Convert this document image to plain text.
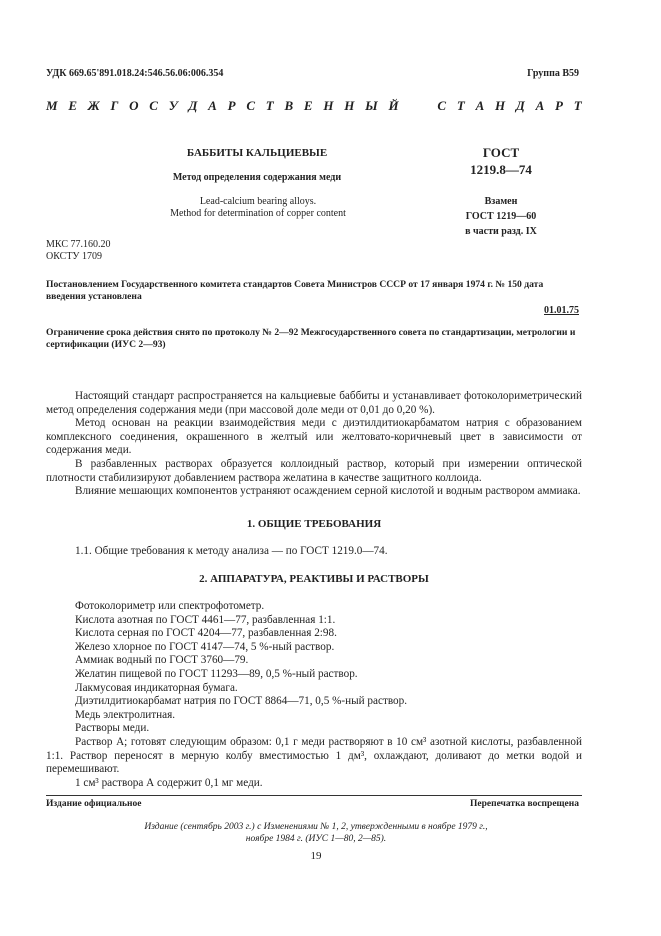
УДК 669.65'891.018.24:546.56.06:006.354	Группа В59
М Е Ж Г О С У Д А Р С Т В Е Н Н Ы Й

	С Т А Н Д А Р Т
БАББИТЫ КАЛЬЦИЕВЫЕ
Метод определения содержания меди
Lead-calcium bearing alloys.
Method for determination of copper content
ГОСТ
1219.8—74
Взамен
ГОСТ 1219—60
в части разд. IX
МКС 77.160.20
ОКСТУ 1709
Постановлением Государственного комитета стандартов Совета Министров СССР от 17 января 1974 г. № 150 дата введения установлена
01.01.75
Ограничение срока действия снято по протоколу № 2—92 Межгосударственного совета по стандартизации, метрологии и сертификации (ИУС 2—93)

Настоящий стандарт распространяется на кальциевые баббиты и устанавливает фотоколориметрический метод определения содержания меди (при массовой доле меди от 0,01 до 0,20 %).

Метод основан на реакции взаимодействия меди с диэтилдитиокарбаматом натрия с образованием комплексного соединения, окрашенного в желтый или желтовато-коричневый цвет в зависимости от содержания меди.

В разбавленных растворах образуется коллоидный раствор, который при измерении оптической плотности стабилизируют добавлением раствора желатина в качестве защитного коллоида.

Влияние мешающих компонентов устраняют осаждением серной кислотой и водным раствором аммиака.

1. ОБЩИЕ ТРЕБОВАНИЯ

1.1. Общие требования к методу анализа — по ГОСТ 1219.0—74.

2. АППАРАТУРА, РЕАКТИВЫ И РАСТВОРЫ
Фотоколориметр или спектрофотометр.
Кислота азотная по ГОСТ 4461—77, разбавленная 1:1.
Кислота серная по ГОСТ 4204—77, разбавленная 2:98.
Железо хлорное по ГОСТ 4147—74, 5 %-ный раствор.
Аммиак водный по ГОСТ 3760—79.
Желатин пищевой по ГОСТ 11293—89, 0,5 %-ный раствор.
Лакмусовая индикаторная бумага.
Диэтилдитиокарбамат натрия по ГОСТ 8864—71, 0,5 %-ный раствор.
Медь электролитная.
Растворы меди.

Раствор А; готовят следующим образом: 0,1 г меди растворяют в 10 см³ азотной кислоты, разбавленной 1:1. Раствор переносят в мерную колбу вместимостью 1 дм³, охлаждают, доливают до метки водой и перемешивают.

1 см³ раствора А содержит 0,1 мг меди.
Издание официальное	Перепечатка воспрещена
Издание (сентябрь 2003 г.) с Изменениями № 1, 2, утвержденными в ноябре 1979 г.,
ноябре 1984 г. (ИУС 1—80, 2—85).
19
